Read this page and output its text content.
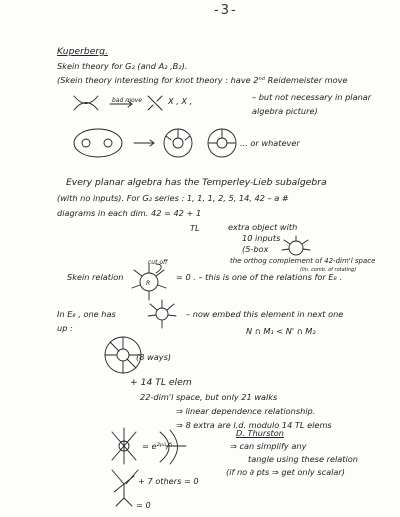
-3-
Kuperberg.
Skein theory for G₂ (and A₂ ,B₂).
(Skein theory interesting for knot theory : have 2ⁿᵈ Reidemeister move
bad move	X , X ,	– but not necessary in planar
algebra picture)
... or whatever
Every planar algebra has the Temperley-Lieb subalgebra
(with no inputs). For G₂ series : 1, 1, 1, 2, 5, 14, 42 – a #
diagrams in each dim. 42 = 42 + 1
TL	extra object with
10 inputs
(5-box
the orthog complement of 42-dim'l space
(lin. comb. of rotating)
Skein relation
cut off
R
= 0 . – this is one of the relations for E₈ .
In E₈ , one has	– now embed this element in next one
up :	N ∩ M₁ < N' ∩ M₂
(8 ways)
+ 14 TL elem
22-dim'l space, but only 21 walks
⇒ linear dependence relationship.
⇒ 8 extra are l.d. modulo 14 TL elems
= e²ᵖⁱⁱ/⁵
D. Thurston
⇒ can simplify any
tangle using these relation
(if no ∂ pts ⇒ get only scalar)
+ 7 others = 0
= 0
